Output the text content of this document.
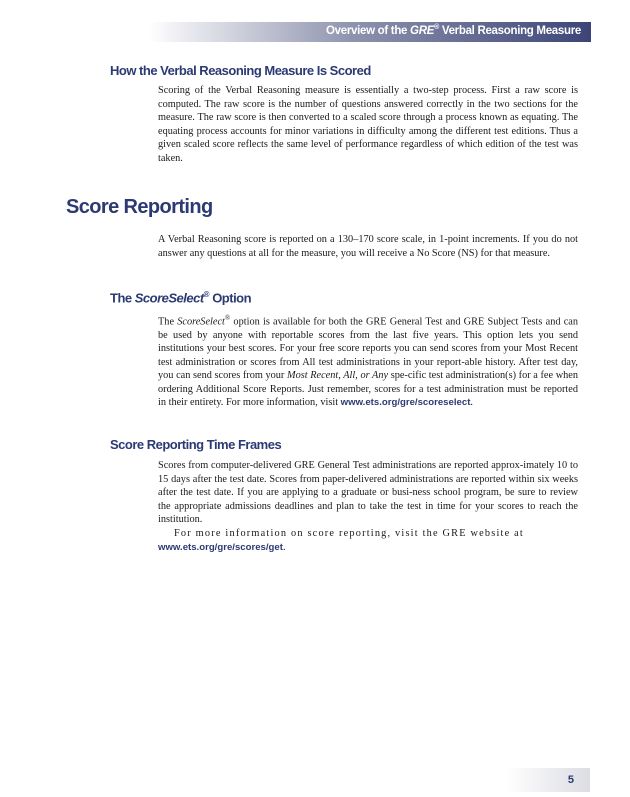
Overview of the GRE® Verbal Reasoning Measure
How the Verbal Reasoning Measure Is Scored

Scoring of the Verbal Reasoning measure is essentially a two-step process. First a raw score is computed. The raw score is the number of questions answered correctly in the two sections for the measure. The raw score is then converted to a scaled score through a process known as equating. The equating process accounts for minor variations in difficulty among the different test editions. Thus a given scaled score reflects the same level of performance regardless of which edition of the test was taken.

Score Reporting

A Verbal Reasoning score is reported on a 130–170 score scale, in 1-point increments. If you do not answer any questions at all for the measure, you will receive a No Score (NS) for that measure.

The ScoreSelect® Option

The ScoreSelect® option is available for both the GRE General Test and GRE Subject Tests and can be used by anyone with reportable scores from the last five years. This option lets you send institutions your best scores. For your free score reports you can send scores from your Most Recent test administration or scores from All test administrations in your report-able history. After test day, you can send scores from your Most Recent, All, or Any spe-cific test administration(s) for a fee when ordering Additional Score Reports. Just remember, scores for a test administration must be reported in their entirety. For more information, visit www.ets.org/gre/scoreselect.

Score Reporting Time Frames

Scores from computer-delivered GRE General Test administrations are reported approx-imately 10 to 15 days after the test date. Scores from paper-delivered administrations are reported within six weeks after the test date. If you are applying to a graduate or busi-ness school program, be sure to review the appropriate admissions deadlines and plan to take the test in time for your scores to reach the institution.

For more information on score reporting, visit the GRE website at

www.ets.org/gre/scores/get.

5
